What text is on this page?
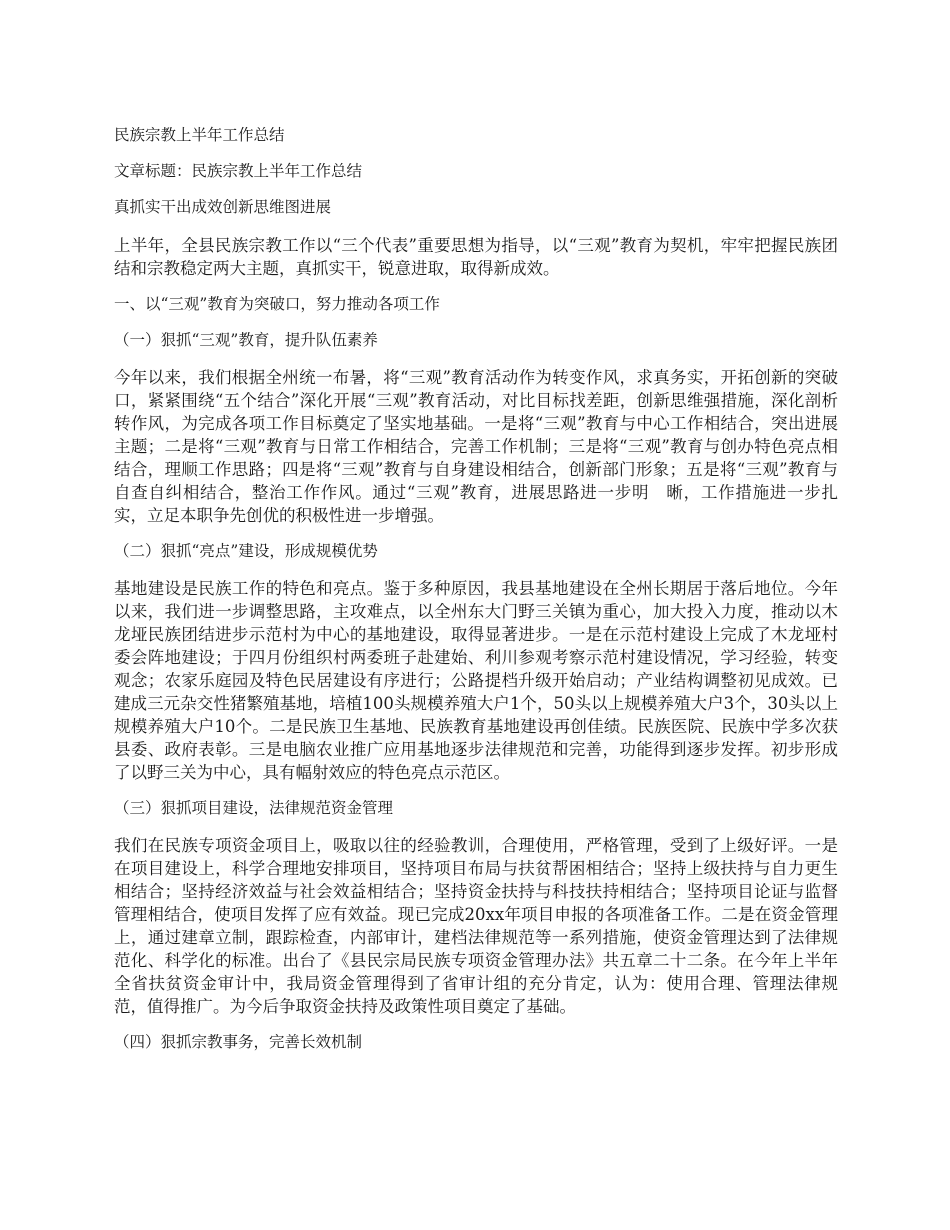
民族宗教上半年工作总结

文章标题：民族宗教上半年工作总结

真抓实干出成效创新思维图进展

上半年，全县民族宗教工作以“三个代表”重要思想为指导，以“三观”教育为契机，牢牢把握民族团结和宗教稳定两大主题，真抓实干，锐意进取，取得新成效。

一、以“三观”教育为突破口，努力推动各项工作

（一）狠抓“三观”教育，提升队伍素养

今年以来，我们根据全州统一布暑，将“三观”教育活动作为转变作风，求真务实，开拓创新的突破口，紧紧围绕“五个结合”深化开展“三观”教育活动，对比目标找差距，创新思维强措施，深化剖析转作风，为完成各项工作目标奠定了坚实地基础。一是将“三观”教育与中心工作相结合，突出进展主题；二是将“三观”教育与日常工作相结合，完善工作机制；三是将“三观”教育与创办特色亮点相结合，理顺工作思路；四是将“三观”教育与自身建设相结合，创新部门形象；五是将“三观”教育与自查自纠相结合，整治工作作风。通过“三观”教育，进展思路进一步明　晰，工作措施进一步扎实，立足本职争先创优的积极性进一步增强。

（二）狠抓“亮点”建设，形成规模优势

基地建设是民族工作的特色和亮点。鉴于多种原因，我县基地建设在全州长期居于落后地位。今年以来，我们进一步调整思路，主攻难点，以全州东大门野三关镇为重心，加大投入力度，推动以木龙垭民族团结进步示范村为中心的基地建设，取得显著进步。一是在示范村建设上完成了木龙垭村委会阵地建设；于四月份组织村两委班子赴建始、利川参观考察示范村建设情况，学习经验，转变观念；农家乐庭园及特色民居建设有序进行；公路提档升级开始启动；产业结构调整初见成效。已建成三元杂交性猪繁殖基地，培植100头规模养殖大户1个，50头以上规模养殖大户3个，30头以上规模养殖大户10个。二是民族卫生基地、民族教育基地建设再创佳绩。民族医院、民族中学多次获县委、政府表彰。三是电脑农业推广应用基地逐步法律规范和完善，功能得到逐步发挥。初步形成了以野三关为中心，具有幅射效应的特色亮点示范区。

（三）狠抓项目建设，法律规范资金管理

我们在民族专项资金项目上，吸取以往的经验教训，合理使用，严格管理，受到了上级好评。一是在项目建设上，科学合理地安排项目，坚持项目布局与扶贫帮困相结合；坚持上级扶持与自力更生相结合；坚持经济效益与社会效益相结合；坚持资金扶持与科技扶持相结合；坚持项目论证与监督管理相结合，使项目发挥了应有效益。现已完成20xx年项目申报的各项准备工作。二是在资金管理上，通过建章立制，跟踪检查，内部审计，建档法律规范等一系列措施，使资金管理达到了法律规范化、科学化的标准。出台了《县民宗局民族专项资金管理办法》共五章二十二条。在今年上半年全省扶贫资金审计中，我局资金管理得到了省审计组的充分肯定，认为：使用合理、管理法律规范，值得推广。为今后争取资金扶持及政策性项目奠定了基础。

（四）狠抓宗教事务，完善长效机制
